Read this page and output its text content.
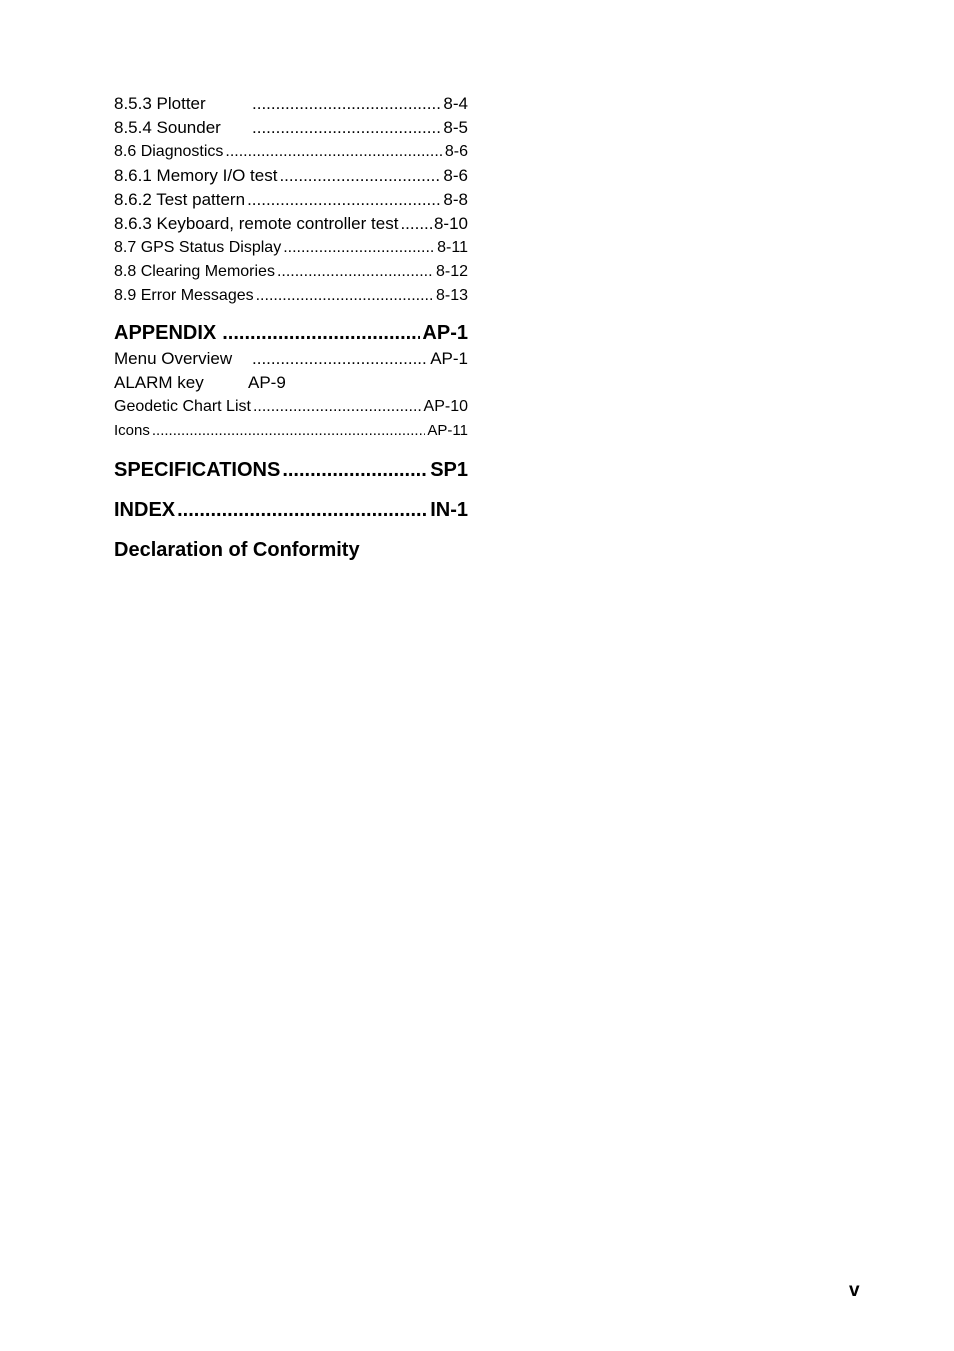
8.5.3 Plotter .....	8-4
8.5.4 Sounder .....	8-5
8.6 Diagnostics .....	8-6
8.6.1 Memory I/O test .....	8-6
8.6.2 Test pattern .....	8-8
8.6.3 Keyboard, remote controller test ..... 8-10
8.7 GPS Status Display .....	8-11
8.8 Clearing Memories .....	8-12
8.9 Error Messages .....	8-13
APPENDIX .....	AP-1
Menu Overview .....	AP-1
ALARM key	AP-9
Geodetic Chart List .....	AP-10
Icons .....	AP-11
SPECIFICATIONS .....	SP1
INDEX .....	IN-1
Declaration of Conformity
v
